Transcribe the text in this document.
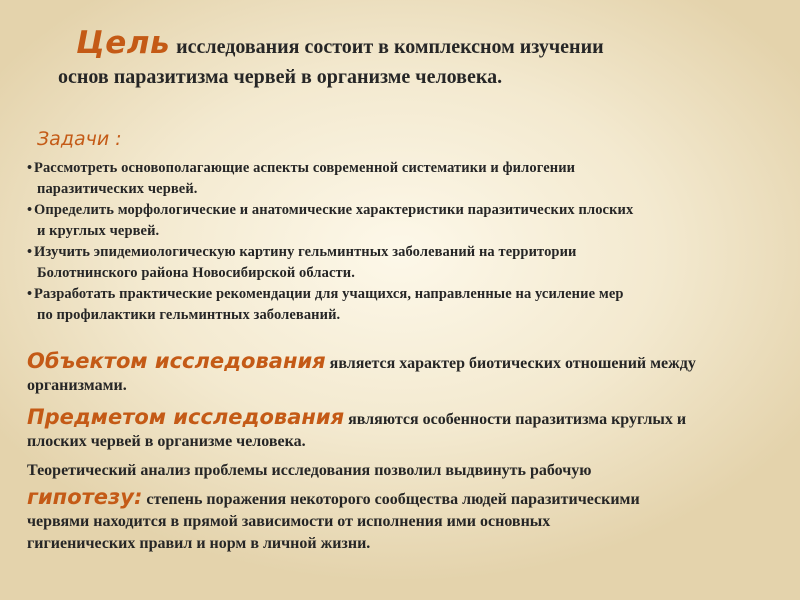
Цель исследования состоит в комплексном изучении
основ паразитизма червей в организме человека.
Задачи :
• Рассмотреть основополагающие аспекты современной систематики и филогении
паразитических червей.
• Определить морфологические и анатомические характеристики паразитических плоских
и круглых червей.
• Изучить эпидемиологическую картину гельминтных заболеваний на территории
Болотнинского района Новосибирской области.
• Разработать практические рекомендации для учащихся, направленные на усиление мер
по профилактики гельминтных заболеваний.
Объектом исследования является характер биотических отношений между
организмами.
Предметом исследования являются особенности паразитизма круглых и
плоских червей в организме человека.
Теоретический анализ проблемы исследования позволил выдвинуть рабочую
гипотезу: степень поражения некоторого сообщества людей паразитическими
червями находится в прямой зависимости от исполнения ими основных
гигиенических правил и норм в личной жизни.
